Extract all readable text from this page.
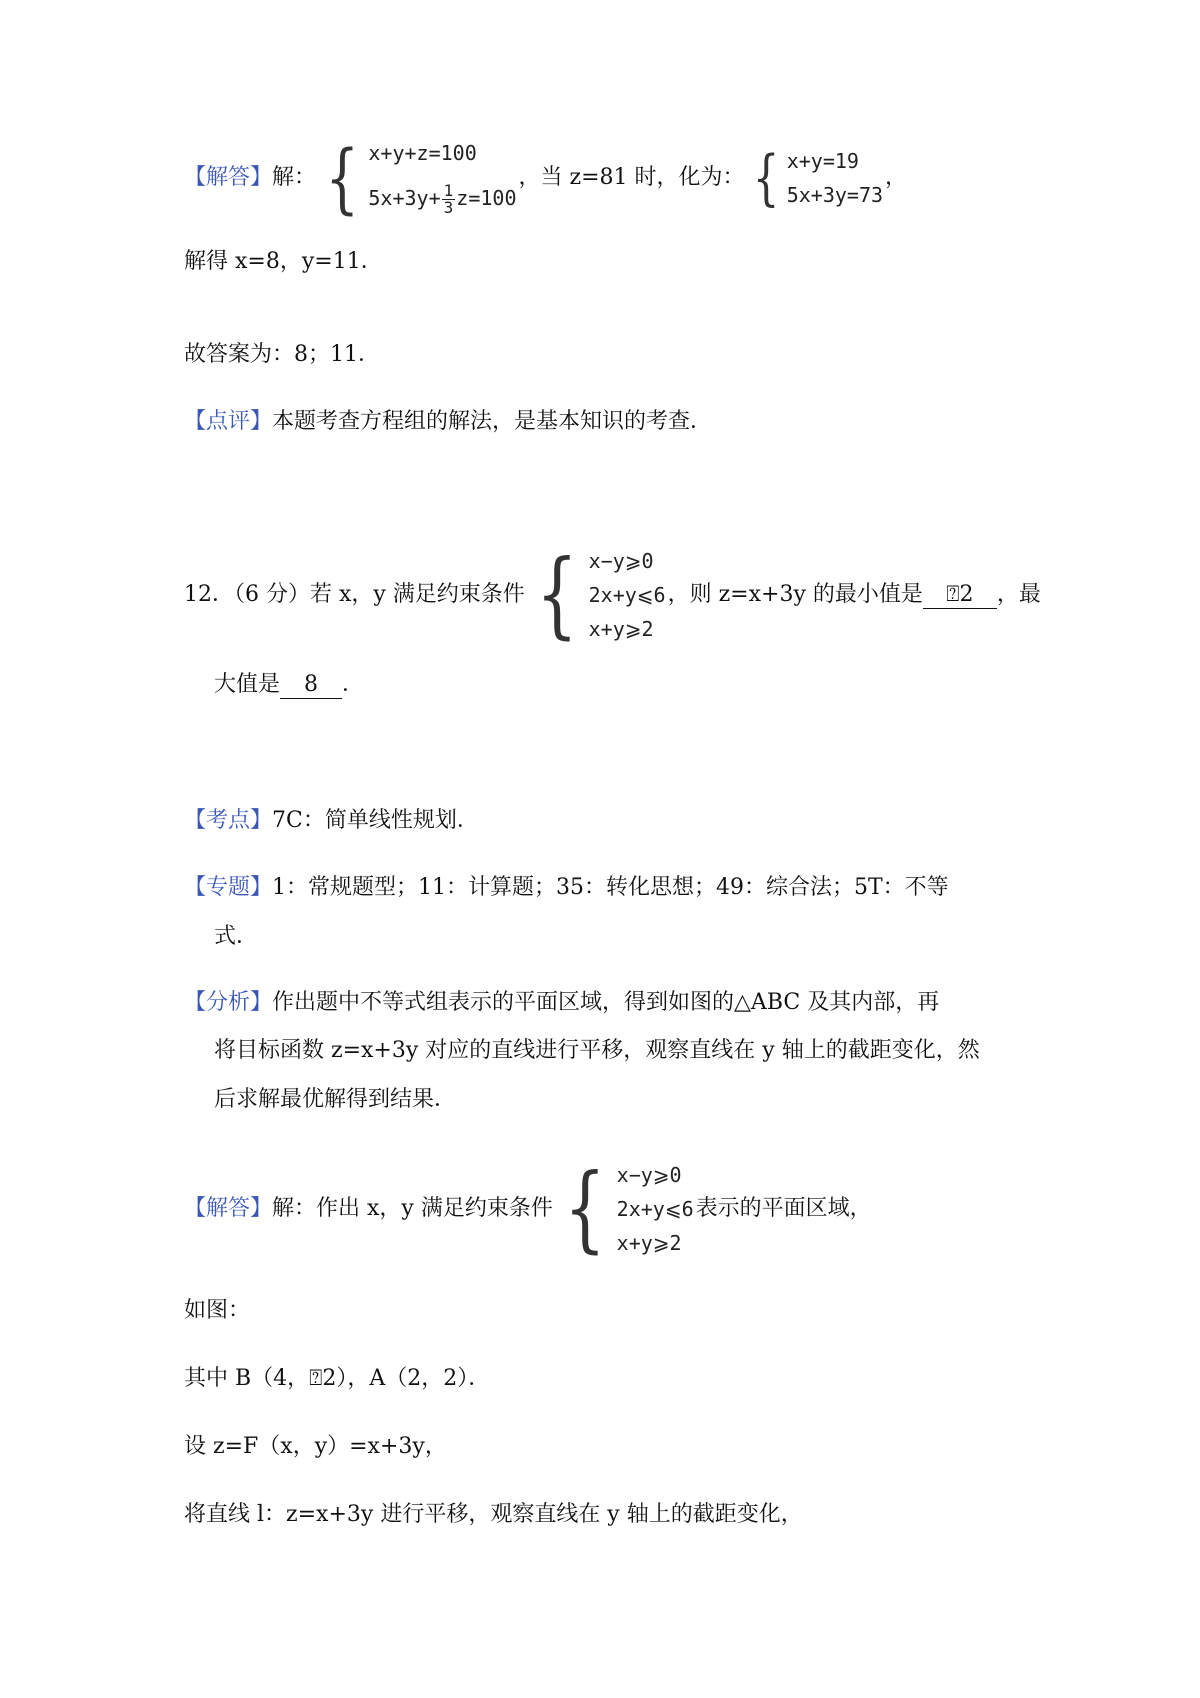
【解答】解： { x+y+z=100
$5x+3y+ \frac{1}{3} z=100$
，当 z=81 时，化为： { x+y=19
5x+3y=73
，
解得 x=8，y=11．
故答案为：8；11．
【点评】本题考查方程组的解法，是基本知识的考查．
12．（6 分）若 x，y 满足约束条件 { x−y⩾0
2x+y⩽6
x+y⩾2
，则 z=x+3y 的最小值是 ⍰2 ，最
大值是 8 ．
【考点】7C：简单线性规划．
【专题】1：常规题型；11：计算题；35：转化思想；49：综合法；5T：不等
式．
【分析】作出题中不等式组表示的平面区域，得到如图的△ABC 及其内部，再
将目标函数 z=x+3y 对应的直线进行平移，观察直线在 y 轴上的截距变化，然
后求解最优解得到结果．
【解答】解：作出 x，y 满足约束条件 { x−y⩾0
2x+y⩽6
x+y⩾2
表示的平面区域，
如图：
其中 B（4，⍰2），A（2，2）．
设 z=F（x，y）=x+3y，
将直线 l：z=x+3y 进行平移，观察直线在 y 轴上的截距变化，
